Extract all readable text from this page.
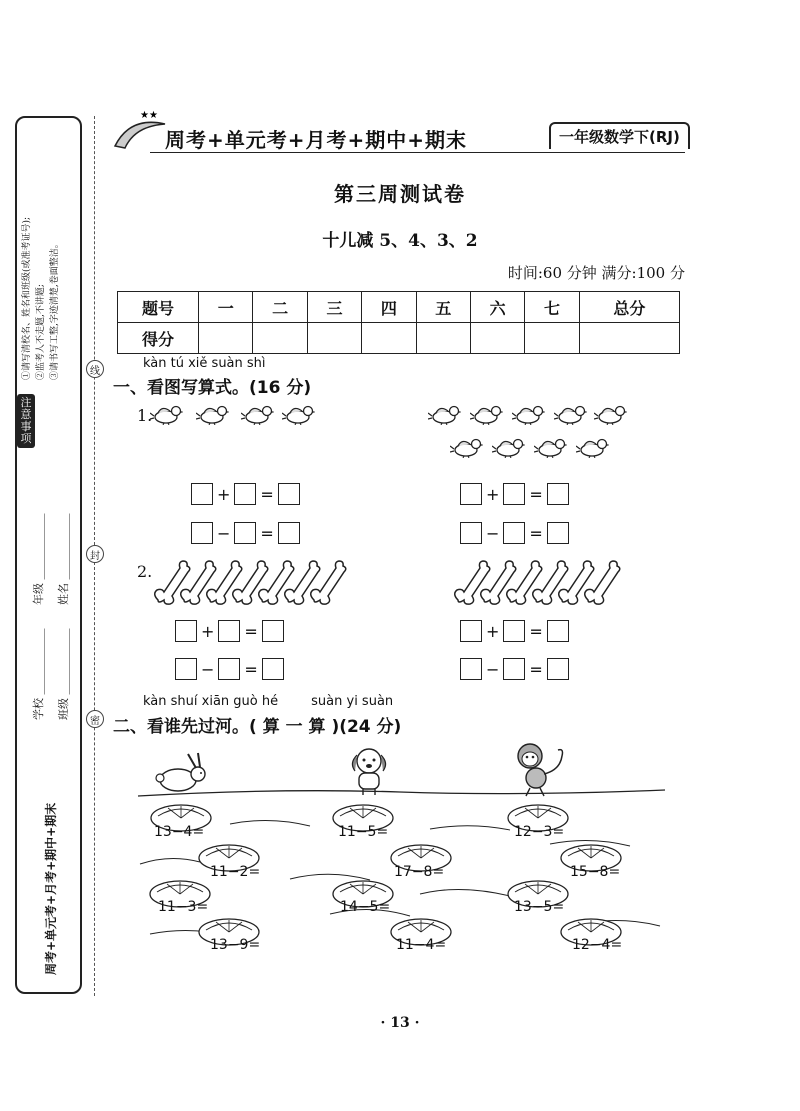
①请写清校名、姓名和班级(或准考证号); ②监考人不走题,不讲题; ③请书写工整,字迹清楚,卷面整洁。
注
意
事
项
学校 ____________
班级 ____________
年级 ____________
姓名 ____________
周考+单元考+月考+期中+期末
线
封
密
★★
周考+单元考+月考+期中+期末	一年级数学下(RJ)
第三周测试卷
十儿减 5、4、3、2
时间:60 分钟 满分:100 分
题号	一	二	三	四	五	六	七	总分
得分								
kàn tú xiě suàn shì
一、看图写算式。(16 分)
1.
+ =
− =
+ =
− =
2.
+ =
− =
+ =
− =
kàn shuí xiān guò hé        suàn yi suàn
二、看谁先过河。( 算 一 算 )(24 分)
13−4=
11−2=
11−3=
13−9=
11−5=
17−8=
14−5=
11−4=
12−3=
15−8=
13−5=
12−4=
· 13 ·
